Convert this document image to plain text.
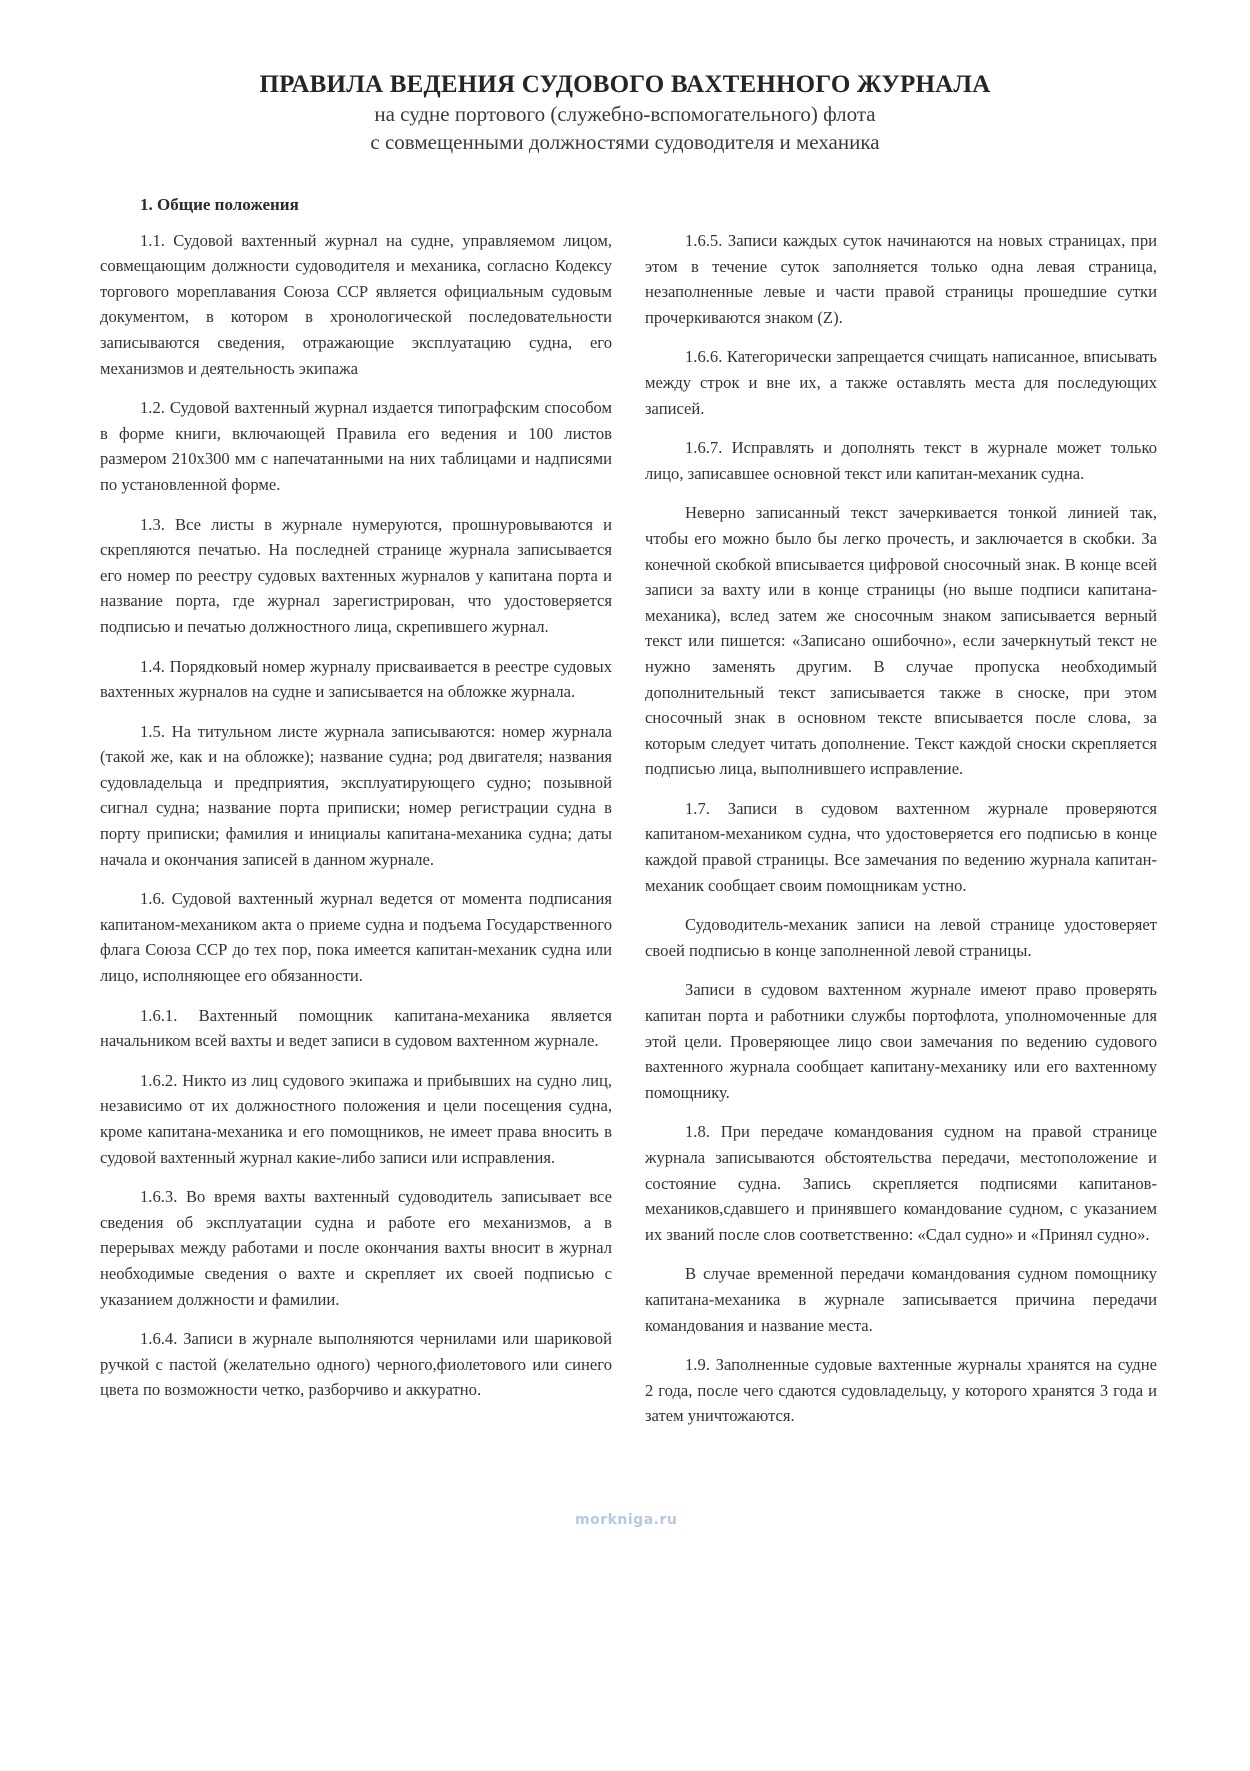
ПРАВИЛА ВЕДЕНИЯ СУДОВОГО ВАХТЕННОГО ЖУРНАЛА
на судне портового (служебно-вспомогательного) флота
с совмещенными должностями судоводителя и механика
1. Общие положения

1.1. Судовой вахтенный журнал на судне, управляемом лицом, совмещающим должности судоводителя и механика, согласно Кодексу торгового мореплавания Союза ССР является официальным судовым документом, в котором в хронологической последовательности записываются сведения, отражающие эксплуатацию судна, его механизмов и деятельность экипажа

1.2. Судовой вахтенный журнал издается типографским способом в форме книги, включающей Правила его ведения и 100 листов размером 210x300 мм с напечатанными на них таблицами и надписями по установленной форме.

1.3. Все листы в журнале нумеруются, прошнуровываются и скрепляются печатью. На последней странице журнала записывается его номер по реестру судовых вахтенных журналов у капитана порта и название порта, где журнал зарегистрирован, что удостоверяется подписью и печатью должностного лица, скрепившего журнал.

1.4. Порядковый номер журналу присваивается в реестре судовых вахтенных журналов на судне и записывается на обложке журнала.

1.5. На титульном листе журнала записываются: номер журнала (такой же, как и на обложке); название судна; род двигателя; названия судовладельца и предприятия, эксплуатирующего судно; позывной сигнал судна; название порта приписки; номер регистрации судна в порту приписки; фамилия и инициалы капитана-механика судна; даты начала и окончания записей в данном журнале.

1.6. Судовой вахтенный журнал ведется от момента подписания капитаном-механиком акта о приеме судна и подъема Государственного флага Союза ССР до тех пор, пока имеется капитан-механик судна или лицо, исполняющее его обязанности.

1.6.1. Вахтенный помощник капитана-механика является начальником всей вахты и ведет записи в судовом вахтенном журнале.

1.6.2. Никто из лиц судового экипажа и прибывших на судно лиц, независимо от их должностного положения и цели посещения судна, кроме капитана-механика и его помощников, не имеет права вносить в судовой вахтенный журнал какие-либо записи или исправления.

1.6.3. Во время вахты вахтенный судоводитель записывает все сведения об эксплуатации судна и работе его механизмов, а в перерывах между работами и после окончания вахты вносит в журнал необходимые сведения о вахте и скрепляет их своей подписью с указанием должности и фамилии.

1.6.4. Записи в журнале выполняются чернилами или шариковой ручкой с пастой (желательно одного) черного,фиолетового или синего цвета по возможности четко, разборчиво и аккуратно.

1.6.5. Записи каждых суток начинаются на новых страницах, при этом в течение суток заполняется только одна левая страница, незаполненные левые и части правой страницы прошедшие сутки прочеркиваются знаком (Z).

1.6.6. Категорически запрещается счищать написанное, вписывать между строк и вне их, а также оставлять места для последующих записей.

1.6.7. Исправлять и дополнять текст в журнале может только лицо, записавшее основной текст или капитан-механик судна.

Неверно записанный текст зачеркивается тонкой линией так, чтобы его можно было бы легко прочесть, и заключается в скобки. За конечной скобкой вписывается цифровой сносочный знак. В конце всей записи за вахту или в конце страницы (но выше подписи капитана-механика), вслед затем же сносочным знаком записывается верный текст или пишется: «Записано ошибочно», если зачеркнутый текст не нужно заменять другим. В случае пропуска необходимый дополнительный текст записывается также в сноске, при этом сносочный знак в основном тексте вписывается после слова, за которым следует читать дополнение. Текст каждой сноски скрепляется подписью лица, выполнившего исправление.

1.7. Записи в судовом вахтенном журнале проверяются капитаном-механиком судна, что удостоверяется его подписью в конце каждой правой страницы. Все замечания по ведению журнала капитан-механик сообщает своим помощникам устно.

Судоводитель-механик записи на левой странице удостоверяет своей подписью в конце заполненной левой страницы.

Записи в судовом вахтенном журнале имеют право проверять капитан порта и работники службы портофлота, уполномоченные для этой цели. Проверяющее лицо свои замечания по ведению судового вахтенного журнала сообщает капитану-механику или его вахтенному помощнику.

1.8. При передаче командования судном на правой странице журнала записываются обстоятельства передачи, местоположение и состояние судна. Запись скрепляется подписями капитанов-механиков,сдавшего и принявшего командование судном, с указанием их званий после слов соответственно: «Сдал судно» и «Принял судно».

В случае временной передачи командования судном помощнику капитана-механика в журнале записывается причина передачи командования и название места.

1.9. Заполненные судовые вахтенные журналы хранятся на судне 2 года, после чего сдаются судовладельцу, у которого хранятся 3 года и затем уничтожаются.

morkniga.ru
